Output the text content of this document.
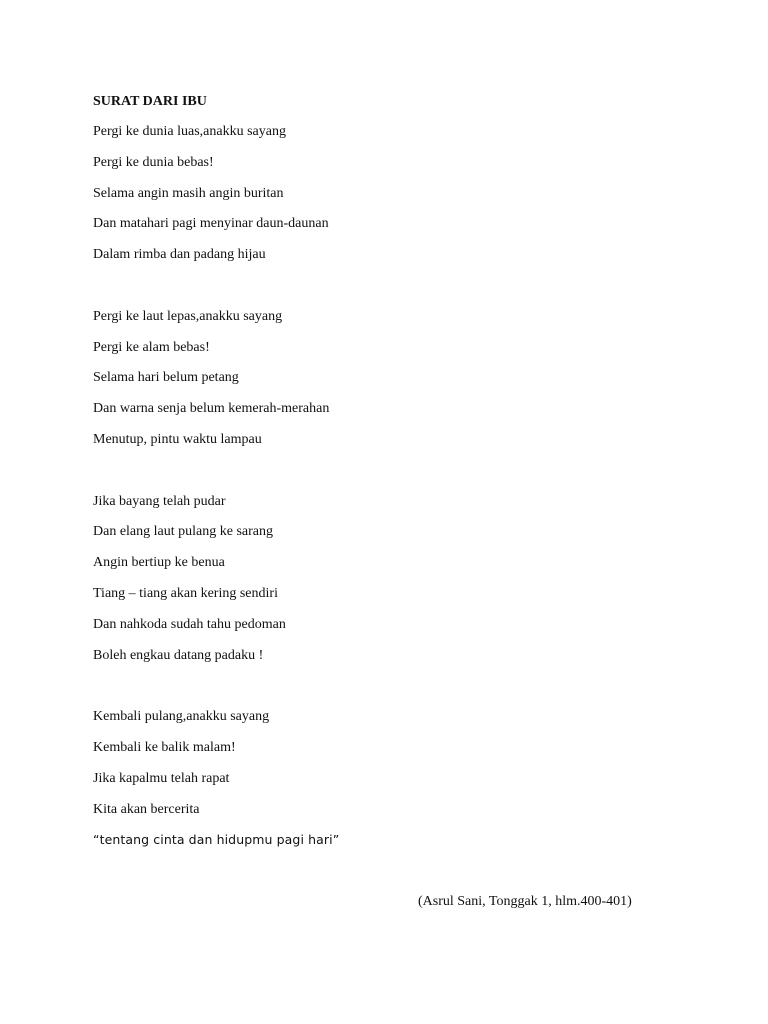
SURAT DARI IBU
Pergi ke dunia luas,anakku sayang
Pergi ke dunia bebas!
Selama angin masih angin buritan
Dan matahari pagi menyinar daun-daunan
Dalam rimba dan padang hijau
Pergi ke laut lepas,anakku sayang
Pergi ke alam bebas!
Selama hari belum petang
Dan warna senja belum kemerah-merahan
Menutup, pintu waktu lampau
Jika bayang telah pudar
Dan elang laut pulang ke sarang
Angin bertiup ke benua
Tiang – tiang akan kering sendiri
Dan nahkoda sudah tahu pedoman
Boleh engkau datang padaku !
Kembali pulang,anakku sayang
Kembali ke balik malam!
Jika kapalmu telah rapat
Kita akan bercerita
“tentang cinta dan hidupmu pagi hari”
(Asrul Sani, Tonggak 1, hlm.400-401)
